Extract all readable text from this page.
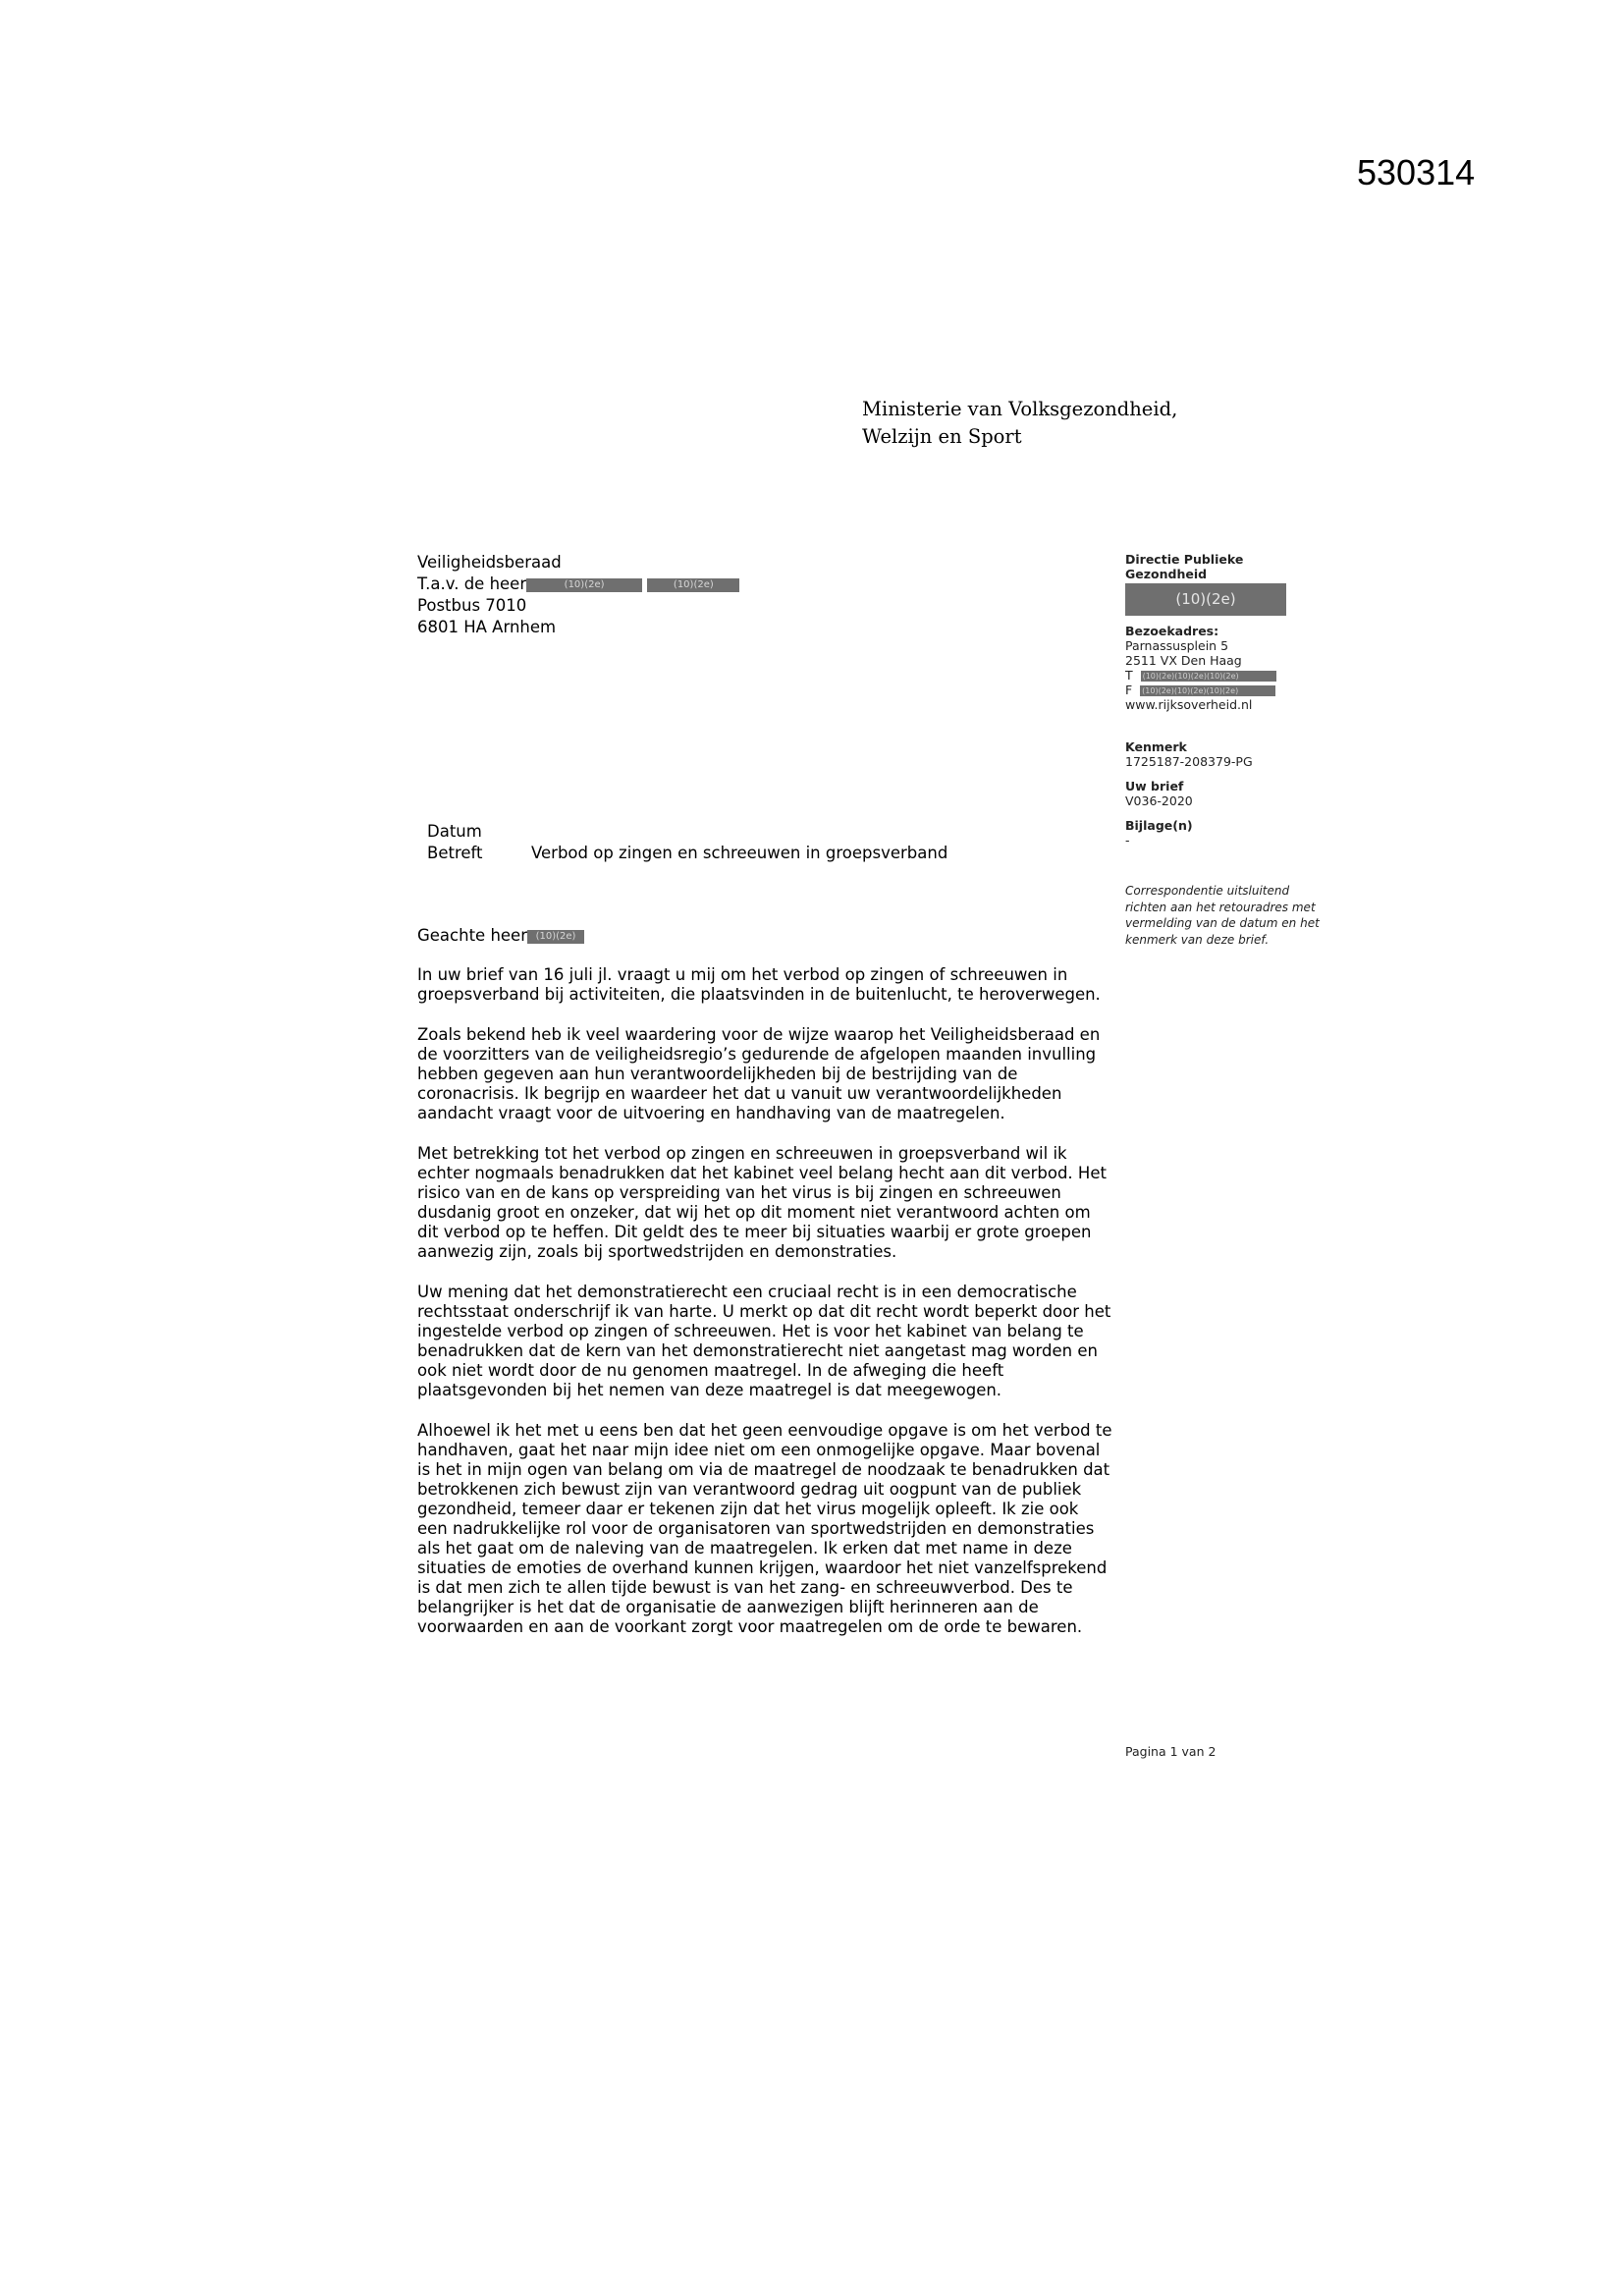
530314
Ministerie van Volksgezondheid,
Welzijn en Sport
Veiligheidsberaad
T.a.v. de heer	(10)(2e)	(10)(2e)
Postbus 7010
6801 HA Arnhem
Directie Publieke
Gezondheid
(10)(2e)
Bezoekadres:
Parnassusplein 5
2511 VX Den Haag
T (10)(2e)(10)(2e)(10)(2e)
F (10)(2e)(10)(2e)(10)(2e)
www.rijksoverheid.nl
Kenmerk
1725187-208379-PG
Uw brief
V036-2020
Bijlage(n)
-
Correspondentie uitsluitend richten aan het retouradres met vermelding van de datum en het kenmerk van deze brief.
Datum	
Betreft	Verbod op zingen en schreeuwen in groepsverband
Geachte heer (10)(2e)

In uw brief van 16 juli jl. vraagt u mij om het verbod op zingen of schreeuwen in groepsverband bij activiteiten, die plaatsvinden in de buitenlucht, te heroverwegen.

Zoals bekend heb ik veel waardering voor de wijze waarop het Veiligheidsberaad en de voorzitters van de veiligheidsregio’s gedurende de afgelopen maanden invulling hebben gegeven aan hun verantwoordelijkheden bij de bestrijding van de coronacrisis. Ik begrijp en waardeer het dat u vanuit uw verantwoordelijkheden aandacht vraagt voor de uitvoering en handhaving van de maatregelen.

Met betrekking tot het verbod op zingen en schreeuwen in groepsverband wil ik echter nogmaals benadrukken dat het kabinet veel belang hecht aan dit verbod. Het risico van en de kans op verspreiding van het virus is bij zingen en schreeuwen dusdanig groot en onzeker, dat wij het op dit moment niet verantwoord achten om dit verbod op te heffen. Dit geldt des te meer bij situaties waarbij er grote groepen aanwezig zijn, zoals bij sportwedstrijden en demonstraties.

Uw mening dat het demonstratierecht een cruciaal recht is in een democratische rechtsstaat onderschrijf ik van harte. U merkt op dat dit recht wordt beperkt door het ingestelde verbod op zingen of schreeuwen. Het is voor het kabinet van belang te benadrukken dat de kern van het demonstratierecht niet aangetast mag worden en ook niet wordt door de nu genomen maatregel. In de afweging die heeft plaatsgevonden bij het nemen van deze maatregel is dat meegewogen.

Alhoewel ik het met u eens ben dat het geen eenvoudige opgave is om het verbod te handhaven, gaat het naar mijn idee niet om een onmogelijke opgave. Maar bovenal is het in mijn ogen van belang om via de maatregel de noodzaak te benadrukken dat betrokkenen zich bewust zijn van verantwoord gedrag uit oogpunt van de publiek gezondheid, temeer daar er tekenen zijn dat het virus mogelijk opleeft. Ik zie ook een nadrukkelijke rol voor de organisatoren van sportwedstrijden en demonstraties als het gaat om de naleving van de maatregelen. Ik erken dat met name in deze situaties de emoties de overhand kunnen krijgen, waardoor het niet vanzelfsprekend is dat men zich te allen tijde bewust is van het zang- en schreeuwverbod. Des te belangrijker is het dat de organisatie de aanwezigen blijft herinneren aan de voorwaarden en aan de voorkant zorgt voor maatregelen om de orde te bewaren.

Pagina 1 van 2
